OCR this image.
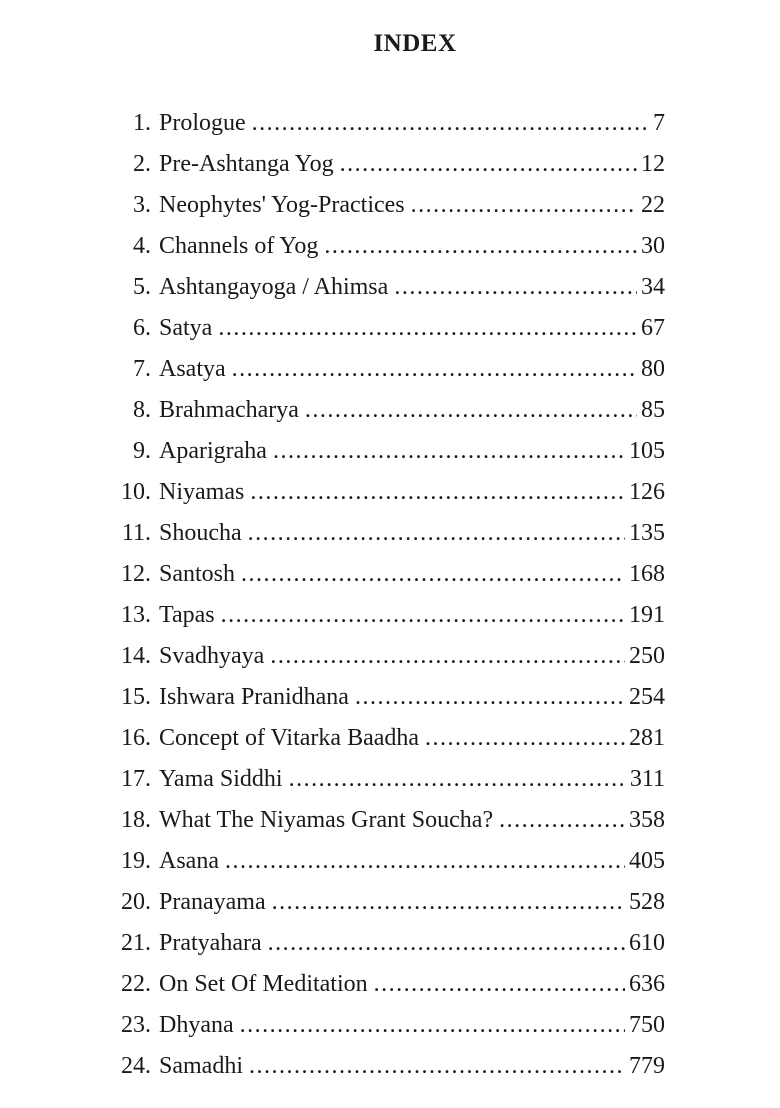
INDEX
1. Prologue .....	7
2. Pre-Ashtanga Yog .....	12
3. Neophytes' Yog-Practices .....	22
4. Channels of Yog .....	30
5. Ashtangayoga / Ahimsa .....	34
6. Satya .....	67
7. Asatya .....	80
8. Brahmacharya .....	85
9. Aparigraha .....	105
10. Niyamas .....	126
11. Shoucha .....	135
12. Santosh .....	168
13. Tapas .....	191
14. Svadhyaya .....	250
15. Ishwara Pranidhana .....	254
16. Concept of Vitarka Baadha .....	281
17. Yama Siddhi .....	311
18. What The Niyamas Grant Soucha? .....	358
19. Asana .....	405
20. Pranayama .....	528
21. Pratyahara .....	610
22. On Set Of Meditation .....	636
23. Dhyana .....	750
24. Samadhi .....	779
